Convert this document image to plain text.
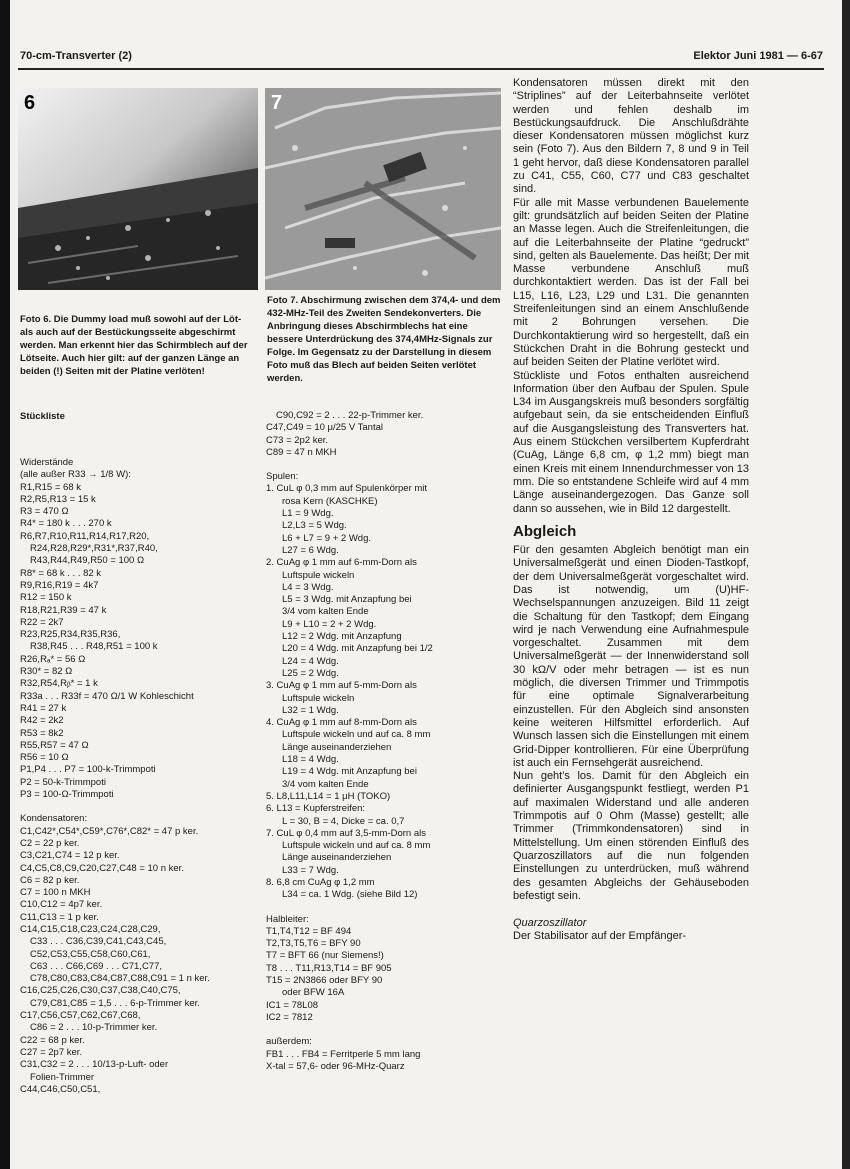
70-cm-Transverter (2)	Elektor Juni 1981 — 6-67
6	7
Foto 6. Die Dummy load muß sowohl auf der Löt- als auch auf der Bestückungsseite abgeschirmt werden. Man erkennt hier das Schirmblech auf der Lötseite. Auch hier gilt: auf der ganzen Länge an beiden (!) Seiten mit der Platine verlöten!
Foto 7. Abschirmung zwischen dem 374,4- und dem 432-MHz-Teil des Zweiten Sendekonverters. Die Anbringung dieses Abschirmblechs hat eine bessere Unterdrückung des 374,4MHz-Signals zur Folge. Im Gegensatz zu der Darstellung in diesem Foto muß das Blech auf beiden Seiten verlötet werden.
Stückliste
Widerstände
(alle außer R33 → 1/8 W):
R1,R15 = 68 k
R2,R5,R13 = 15 k
R3 = 470 Ω
R4* = 180 k . . . 270 k
R6,R7,R10,R11,R14,R17,R20,
R24,R28,R29*,R31*,R37,R40,
R43,R44,R49,R50 = 100 Ω
R8* = 68 k . . . 82 k
R9,R16,R19 = 4k7
R12 = 150 k
R18,R21,R39 = 47 k
R22 = 2k7
R23,R25,R34,R35,R36,
R38,R45 . . . R48,R51 = 100 k
R26,Rₐ* = 56 Ω
R30* = 82 Ω
R32,R54,Rᵦ* = 1 k
R33a . . . R33f = 470 Ω/1 W Kohleschicht
R41 = 27 k
R42 = 2k2
R53 = 8k2
R55,R57 = 47 Ω
R56 = 10 Ω
P1,P4 . . . P7 = 100-k-Trimmpoti
P2 = 50-k-Trimmpoti
P3 = 100-Ω-Trimmpoti
Kondensatoren:
C1,C42*,C54*,C59*,C76*,C82* = 47 p ker.
C2 = 22 p ker.
C3,C21,C74 = 12 p ker.
C4,C5,C8,C9,C20,C27,C48 = 10 n ker.
C6 = 82 p ker.
C7 = 100 n MKH
C10,C12 = 4p7 ker.
C11,C13 = 1 p ker.
C14,C15,C18,C23,C24,C28,C29,
C33 . . . C36,C39,C41,C43,C45,
C52,C53,C55,C58,C60,C61,
C63 . . . C66,C69 . . . C71,C77,
C78,C80,C83,C84,C87,C88,C91 = 1 n ker.
C16,C25,C26,C30,C37,C38,C40,C75,
C79,C81,C85 = 1,5 . . . 6-p-Trimmer ker.
C17,C56,C57,C62,C67,C68,
C86 = 2 . . . 10-p-Trimmer ker.
C22 = 68 p ker.
C27 = 2p7 ker.
C31,C32 = 2 . . . 10/13-p-Luft- oder
Folien-Trimmer
C44,C46,C50,C51,
C90,C92 = 2 . . . 22-p-Trimmer ker.
C47,C49 = 10 μ/25 V Tantal
C73 = 2p2 ker.
C89 = 47 n MKH
Spulen:
1. CuL φ 0,3 mm auf Spulenkörper mit
rosa Kern (KASCHKE)
L1 = 9 Wdg.
L2,L3 = 5 Wdg.
L6 + L7 = 9 + 2 Wdg.
L27 = 6 Wdg.
2. CuAg φ 1 mm auf 6-mm-Dorn als
Luftspule wickeln
L4 = 3 Wdg.
L5 = 3 Wdg. mit Anzapfung bei
3/4 vom kalten Ende
L9 + L10 = 2 + 2 Wdg.
L12 = 2 Wdg. mit Anzapfung
L20 = 4 Wdg. mit Anzapfung bei 1/2
L24 = 4 Wdg.
L25 = 2 Wdg.
3. CuAg φ 1 mm auf 5-mm-Dorn als
Luftspule wickeln
L32 = 1 Wdg.
4. CuAg φ 1 mm auf 8-mm-Dorn als
Luftspule wickeln und auf ca. 8 mm
Länge auseinanderziehen
L18 = 4 Wdg.
L19 = 4 Wdg. mit Anzapfung bei
3/4 vom kalten Ende
5. L8,L11,L14 = 1 μH (TOKO)
6. L13 = Kupferstreifen:
L = 30, B = 4, Dicke = ca. 0,7
7. CuL φ 0,4 mm auf 3,5-mm-Dorn als
Luftspule wickeln und auf ca. 8 mm
Länge auseinanderziehen
L33 = 7 Wdg.
8. 6,8 cm CuAg φ 1,2 mm
L34 = ca. 1 Wdg. (siehe Bild 12)
Halbleiter:
T1,T4,T12 = BF 494
T2,T3,T5,T6 = BFY 90
T7 = BFT 66 (nur Siemens!)
T8 . . . T11,R13,T14 = BF 905
T15 = 2N3866 oder BFY 90
oder BFW 16A
IC1 = 78L08
IC2 = 7812
außerdem:
FB1 . . . FB4 = Ferritperle 5 mm lang
X-tal = 57,6- oder 96-MHz-Quarz

Kondensatoren müssen direkt mit den “Striplines” auf der Leiterbahnseite verlötet werden und fehlen deshalb im Bestückungsaufdruck. Die Anschlußdrähte dieser Kondensatoren müssen möglichst kurz sein (Foto 7). Aus den Bildern 7, 8 und 9 in Teil 1 geht hervor, daß diese Kondensatoren parallel zu C41, C55, C60, C77 und C83 geschaltet sind.

Für alle mit Masse verbundenen Bauelemente gilt: grundsätzlich auf beiden Seiten der Platine an Masse legen. Auch die Streifenleitungen, die auf die Leiterbahnseite der Platine “gedruckt” sind, gelten als Bauelemente. Das heißt; Der mit Masse verbundene Anschluß muß durchkontaktiert werden. Das ist der Fall bei L15, L16, L23, L29 und L31. Die genannten Streifenleitungen sind an einem Anschlußende mit 2 Bohrungen versehen. Die Durchkontaktierung wird so hergestellt, daß ein Stückchen Draht in die Bohrung gesteckt und auf beiden Seiten der Platine verlötet wird.

Stückliste und Fotos enthalten ausreichend Information über den Aufbau der Spulen. Spule L34 im Ausgangskreis muß besonders sorgfältig aufgebaut sein, da sie entscheidenden Einfluß auf die Ausgangsleistung des Transverters hat. Aus einem Stückchen versilbertem Kupferdraht (CuAg, Länge 6,8 cm, φ 1,2 mm) biegt man einen Kreis mit einem Innendurchmesser von 13 mm. Die so entstandene Schleife wird auf 4 mm Länge auseinandergezogen. Das Ganze soll dann so aussehen, wie in Bild 12 dargestellt.

Abgleich

Für den gesamten Abgleich benötigt man ein Universalmeßgerät und einen Dioden-Tastkopf, der dem Universalmeßgerät vorgeschaltet wird. Das ist notwendig, um (U)HF-Wechselspannungen anzuzeigen. Bild 11 zeigt die Schaltung für den Tastkopf; dem Eingang wird je nach Verwendung eine Aufnahmespule vorgeschaltet. Zusammen mit dem Universalmeßgerät — der Innenwiderstand soll 30 kΩ/V oder mehr betragen — ist es nun möglich, die diversen Trimmer und Trimmpotis für eine optimale Signalverarbeitung einzustellen. Für den Abgleich sind ansonsten keine weiteren Hilfsmittel erforderlich. Auf Wunsch lassen sich die Einstellungen mit einem Grid-Dipper kontrollieren. Für eine Überprüfung ist auch ein Fernsehgerät ausreichend.

Nun geht's los. Damit für den Abgleich ein definierter Ausgangspunkt festliegt, werden P1 auf maximalen Widerstand und alle anderen Trimmpotis auf 0 Ohm (Masse) gestellt; alle Trimmer (Trimmkondensatoren) sind in Mittelstellung. Um einen störenden Einfluß des Quarzoszillators auf die nun folgenden Einstellungen zu unterdrücken, muß während des gesamten Abgleichs der Gehäuseboden befestigt sein.

Quarzoszillator

Der Stabilisator auf der Empfänger-
